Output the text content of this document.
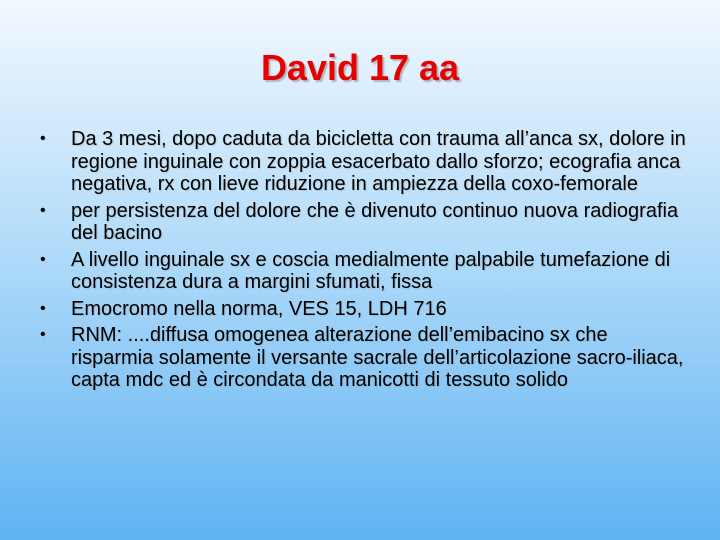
David 17 aa
•	Da 3 mesi, dopo caduta da bicicletta con trauma all’anca sx, dolore in regione inguinale con zoppia esacerbato dallo sforzo; ecografia anca negativa, rx con lieve riduzione in ampiezza della coxo-femorale
•	per persistenza del dolore che è divenuto continuo nuova radiografia del bacino
•	A livello inguinale sx e coscia medialmente palpabile tumefazione di consistenza dura a margini sfumati, fissa
•	Emocromo nella norma, VES 15, LDH 716
•	RNM: ....diffusa omogenea alterazione dell’emibacino sx che risparmia solamente il versante sacrale dell’articolazione sacro-iliaca, capta mdc ed è circondata da manicotti di tessuto solido
